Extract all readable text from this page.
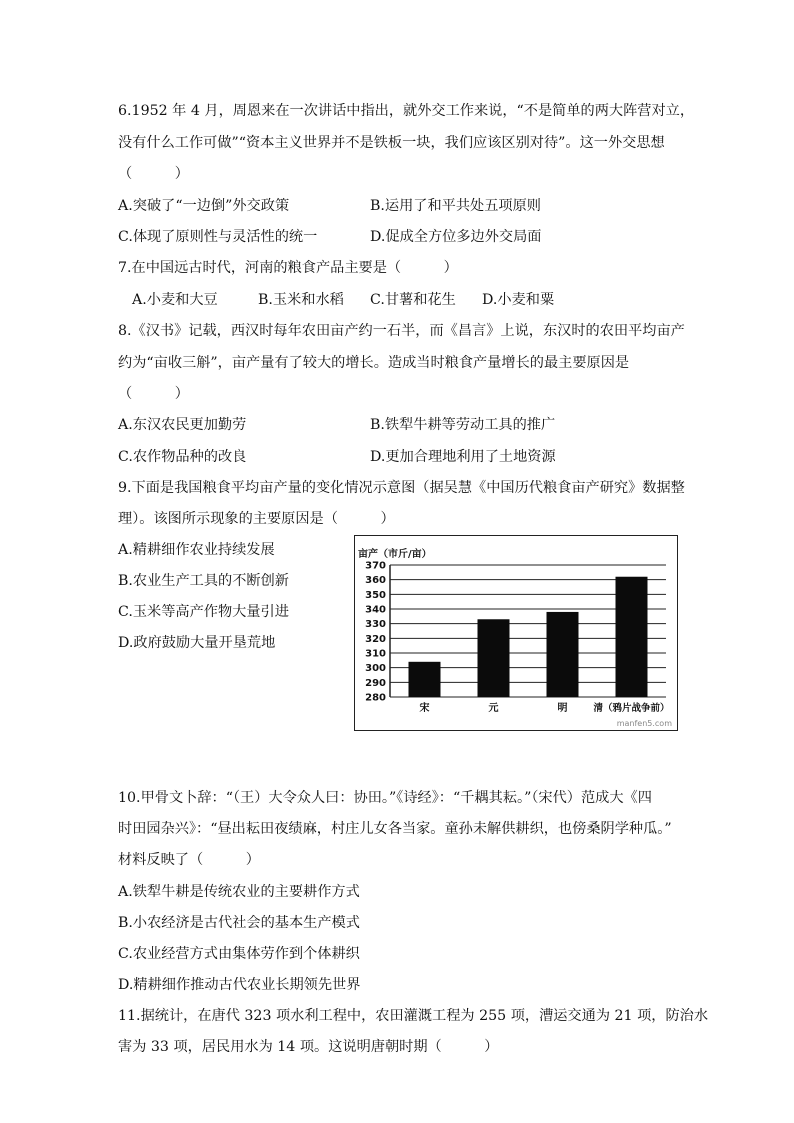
6.1952 年 4 月，周恩来在一次讲话中指出，就外交工作来说，“不是简单的两大阵营对立，
没有什么工作可做”“资本主义世界并不是铁板一块，我们应该区别对待”。这一外交思想
（　　　）
A.突破了“一边倒”外交政策	B.运用了和平共处五项原则
C.体现了原则性与灵活性的统一	D.促成全方位多边外交局面
7.在中国远古时代，河南的粮食产品主要是（　　　）
A.小麦和大豆	B.玉米和水稻 C.甘薯和花生 D.小麦和粟
8.《汉书》记载，西汉时每年农田亩产约一石半，而《昌言》上说，东汉时的农田平均亩产
约为“亩收三斛”，亩产量有了较大的增长。造成当时粮食产量增长的最主要原因是
（　　　）
A.东汉农民更加勤劳	B.铁犁牛耕等劳动工具的推广
C.农作物品种的改良	D.更加合理地利用了土地资源
9.下面是我国粮食平均亩产量的变化情况示意图（据吴慧《中国历代粮食亩产研究》数据整
理）。该图所示现象的主要原因是（　　　）
A.精耕细作农业持续发展
B.农业生产工具的不断创新
C.玉米等高产作物大量引进
D.政府鼓励大量开垦荒地
亩产（市斤/亩）
280
290
300
310
320
330
340
350
360
370
宋	元	明	清（鸦片战争前）
manfen5.com
10.甲骨文卜辞：“（王）大令众人曰：协田。”《诗经》：“千耦其耘。”（宋代）范成大《四
时田园杂兴》：“昼出耘田夜绩麻，村庄儿女各当家。童孙未解供耕织，也傍桑阴学种瓜。”
材料反映了（　　　）
A.铁犁牛耕是传统农业的主要耕作方式
B.小农经济是古代社会的基本生产模式
C.农业经营方式由集体劳作到个体耕织
D.精耕细作推动古代农业长期领先世界
11.据统计，在唐代 323 项水利工程中，农田灌溉工程为 255 项，漕运交通为 21 项，防治水
害为 33 项，居民用水为 14 项。这说明唐朝时期（　　　）
